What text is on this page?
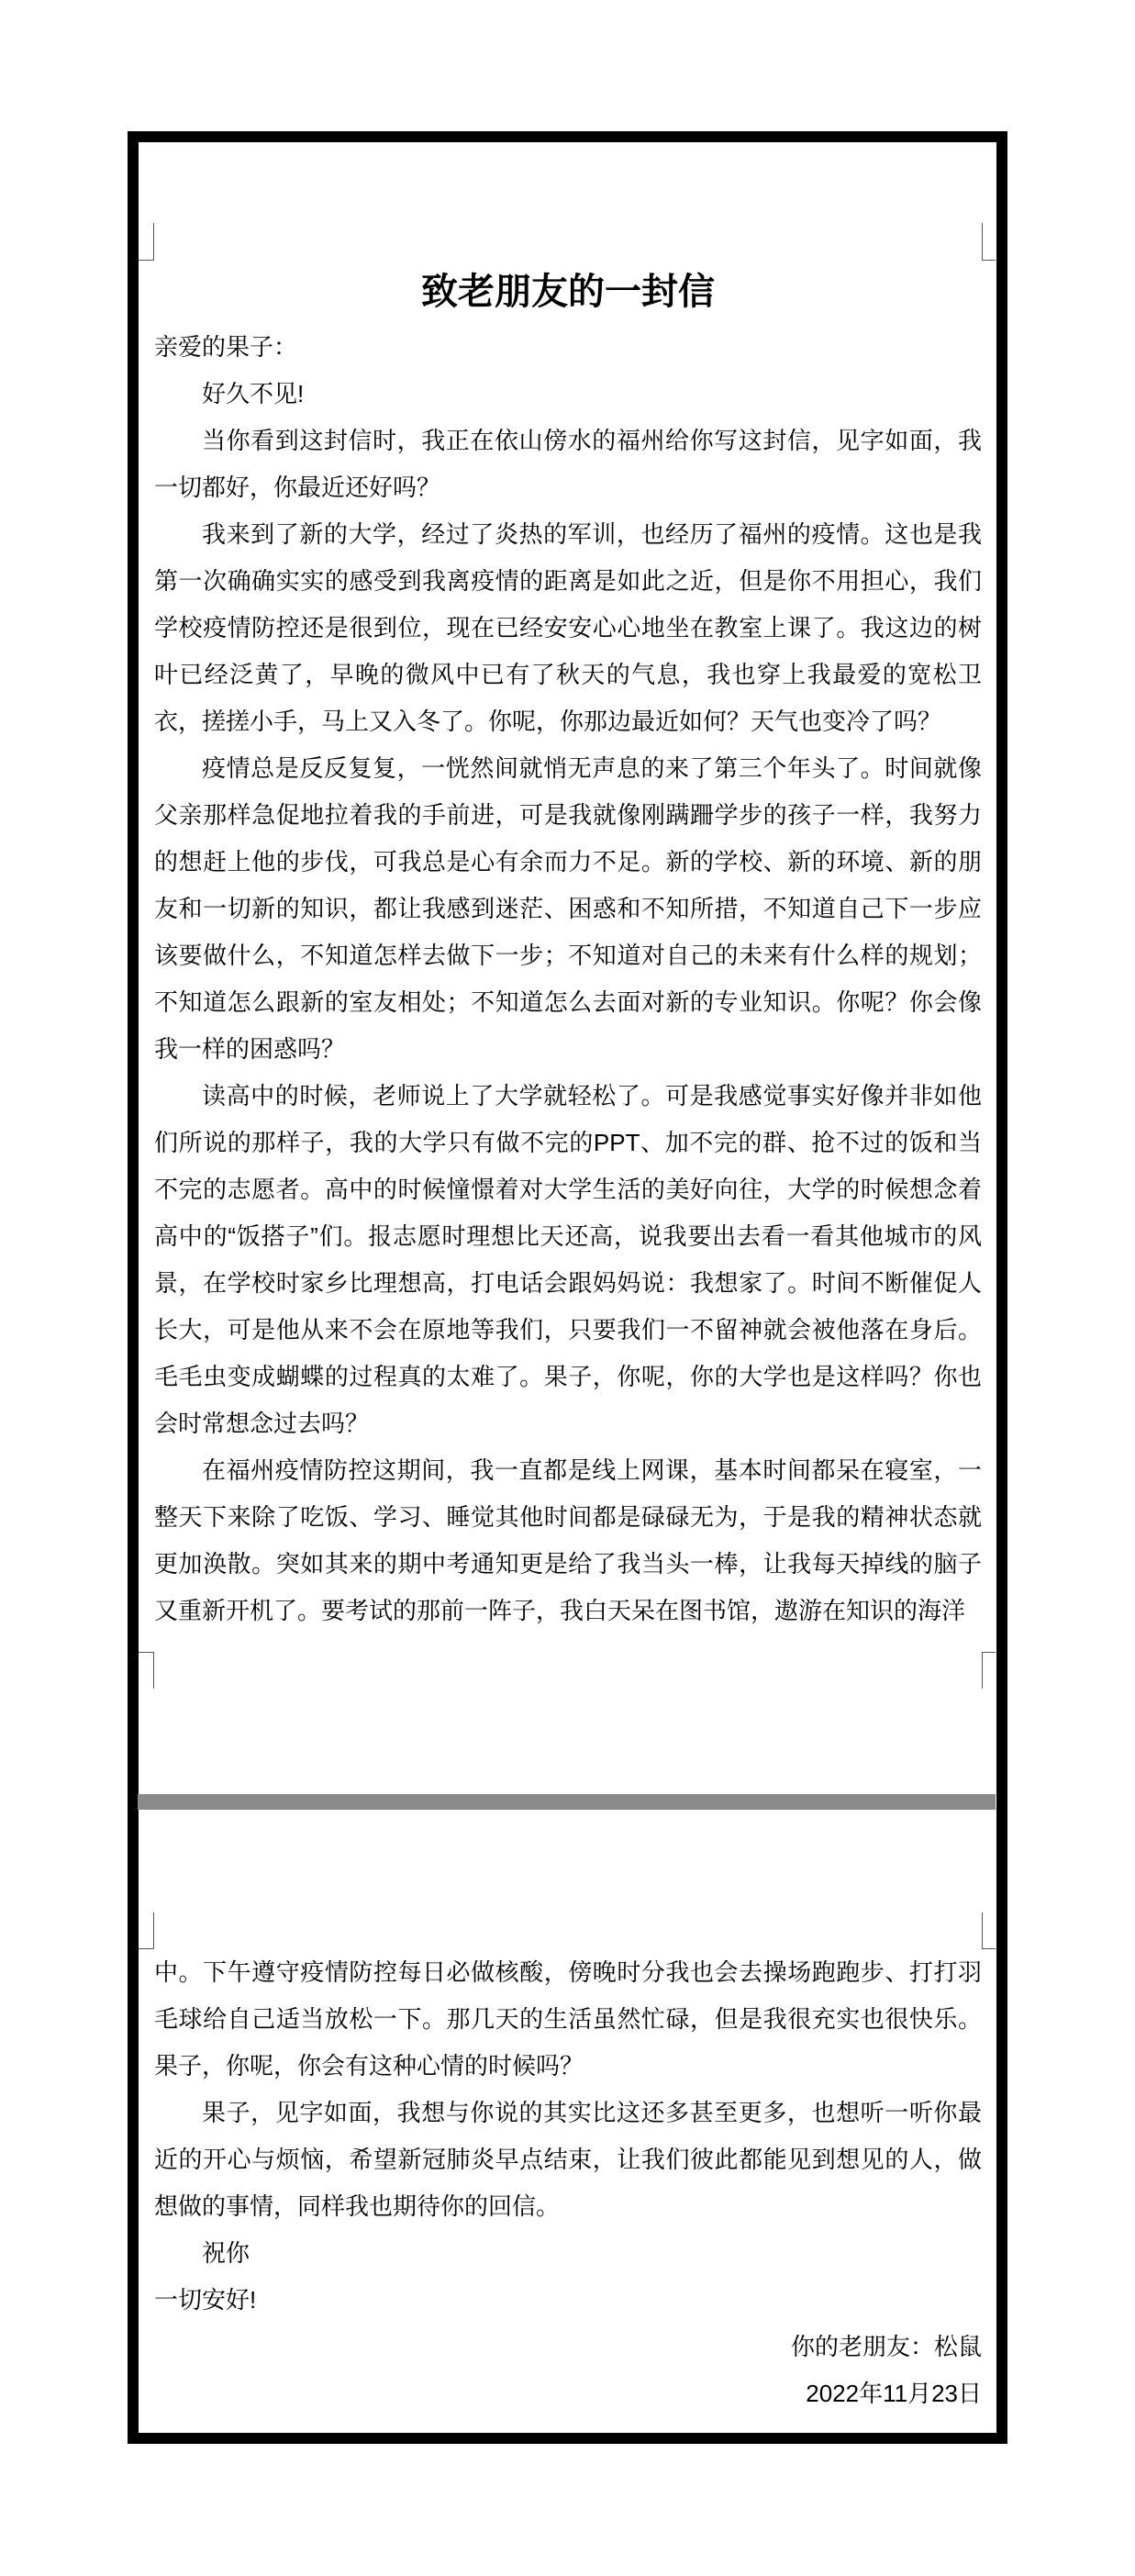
致老朋友的一封信
亲爱的果子：
好久不见!
当你看到这封信时，我正在依山傍水的福州给你写这封信，见字如面，我一切都好，你最近还好吗？
我来到了新的大学，经过了炎热的军训，也经历了福州的疫情。这也是我第一次确确实实的感受到我离疫情的距离是如此之近，但是你不用担心，我们学校疫情防控还是很到位，现在已经安安心心地坐在教室上课了。我这边的树叶已经泛黄了，早晚的微风中已有了秋天的气息，我也穿上我最爱的宽松卫衣，搓搓小手，马上又入冬了。你呢，你那边最近如何？天气也变冷了吗？
疫情总是反反复复，一恍然间就悄无声息的来了第三个年头了。时间就像父亲那样急促地拉着我的手前进，可是我就像刚蹒跚学步的孩子一样，我努力的想赶上他的步伐，可我总是心有余而力不足。新的学校、新的环境、新的朋友和一切新的知识，都让我感到迷茫、困惑和不知所措，不知道自己下一步应该要做什么，不知道怎样去做下一步；不知道对自己的未来有什么样的规划；不知道怎么跟新的室友相处；不知道怎么去面对新的专业知识。你呢？你会像我一样的困惑吗？
读高中的时候，老师说上了大学就轻松了。可是我感觉事实好像并非如他们所说的那样子，我的大学只有做不完的PPT、加不完的群、抢不过的饭和当不完的志愿者。高中的时候憧憬着对大学生活的美好向往，大学的时候想念着高中的“饭搭子”们。报志愿时理想比天还高，说我要出去看一看其他城市的风景，在学校时家乡比理想高，打电话会跟妈妈说：我想家了。时间不断催促人长大，可是他从来不会在原地等我们，只要我们一不留神就会被他落在身后。毛毛虫变成蝴蝶的过程真的太难了。果子，你呢，你的大学也是这样吗？你也会时常想念过去吗？
在福州疫情防控这期间，我一直都是线上网课，基本时间都呆在寝室，一整天下来除了吃饭、学习、睡觉其他时间都是碌碌无为，于是我的精神状态就更加涣散。突如其来的期中考通知更是给了我当头一棒，让我每天掉线的脑子又重新开机了。要考试的那前一阵子，我白天呆在图书馆，遨游在知识的海洋
中。下午遵守疫情防控每日必做核酸，傍晚时分我也会去操场跑跑步、打打羽毛球给自己适当放松一下。那几天的生活虽然忙碌，但是我很充实也很快乐。果子，你呢，你会有这种心情的时候吗？
果子，见字如面，我想与你说的其实比这还多甚至更多，也想听一听你最近的开心与烦恼，希望新冠肺炎早点结束，让我们彼此都能见到想见的人，做想做的事情，同样我也期待你的回信。
祝你
一切安好!
你的老朋友：松鼠
2022年11月23日
